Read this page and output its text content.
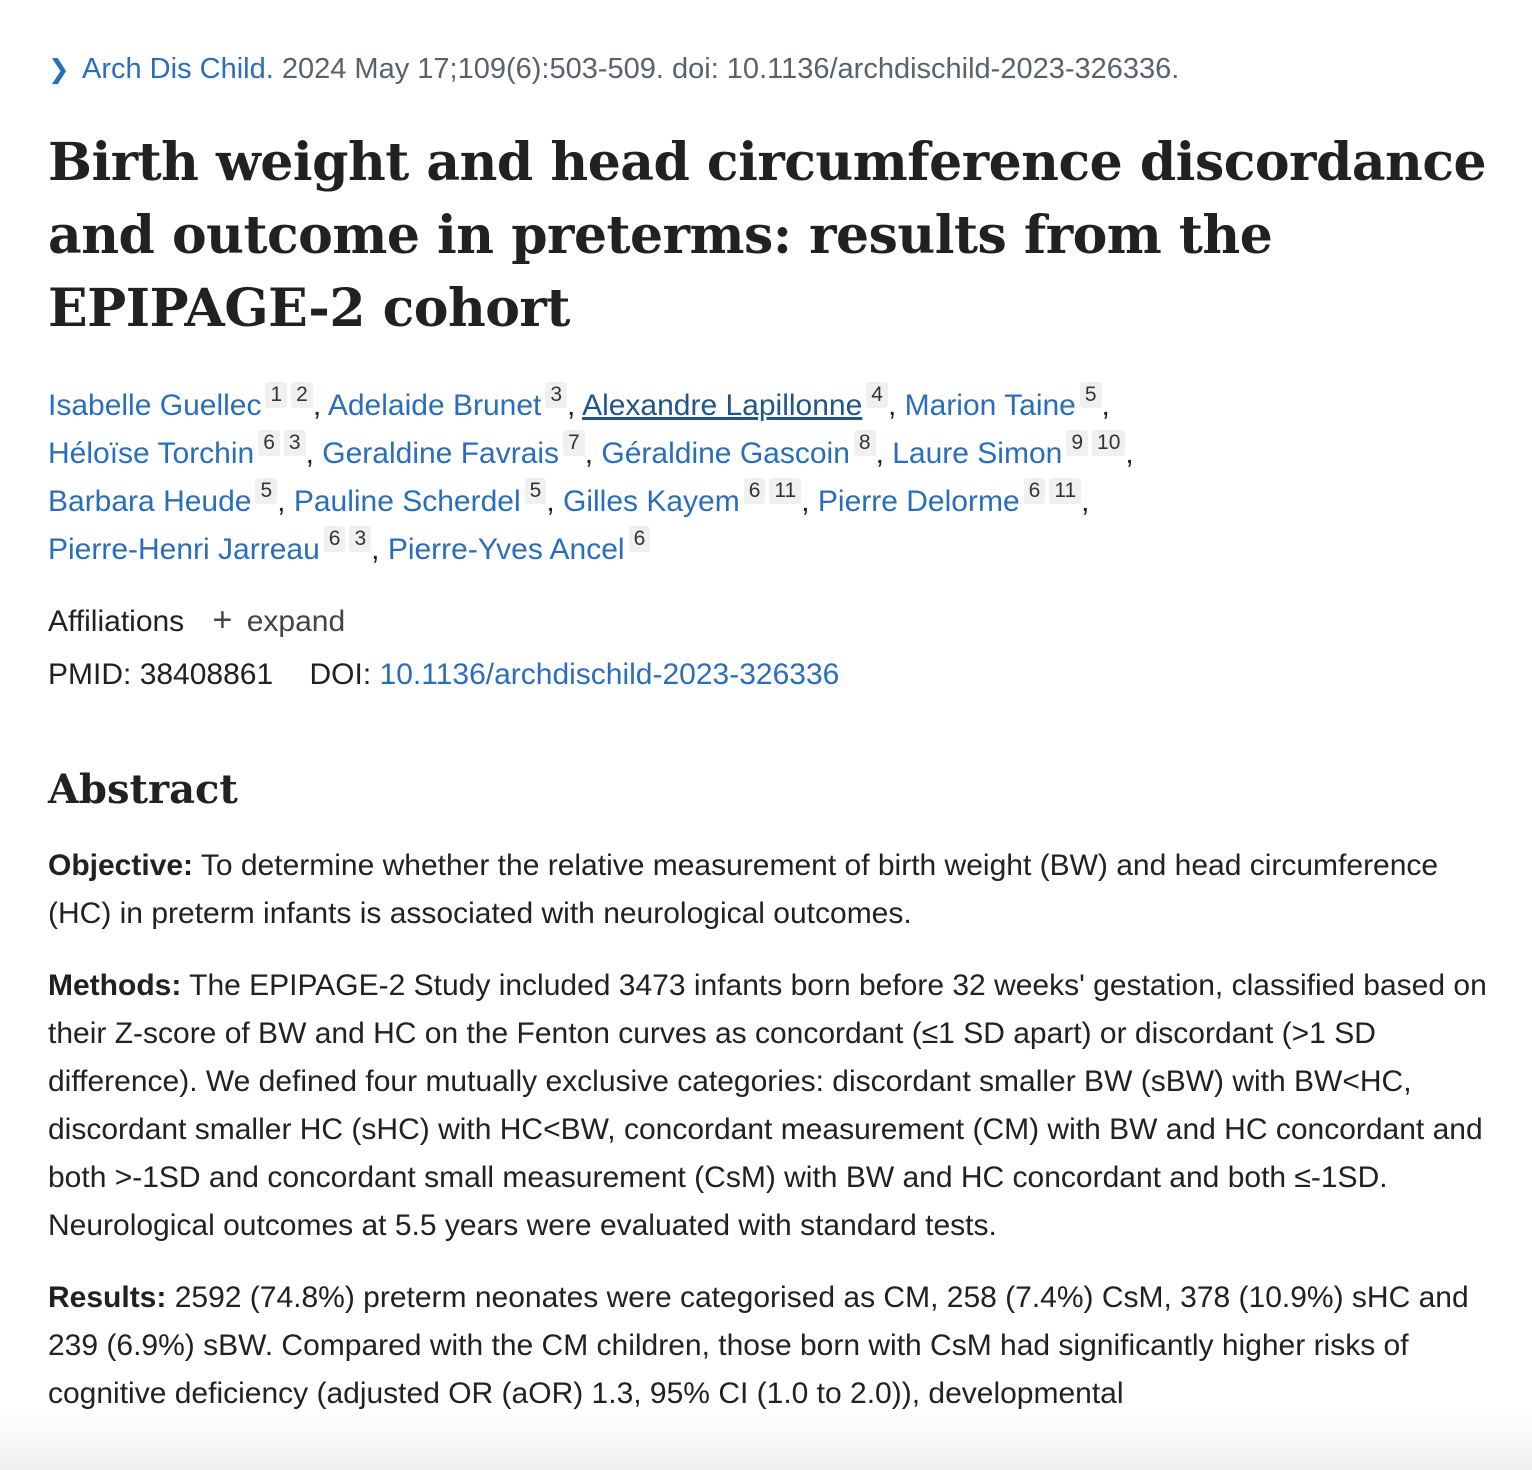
❯ Arch Dis Child. 2024 May 17;109(6):503-509. doi: 10.1136/archdischild-2023-326336.
Birth weight and head circumference discordance and outcome in preterms: results from the EPIPAGE-2 cohort
Isabelle Guellec 1 2 , Adelaide Brunet 3 , Alexandre Lapillonne 4 , Marion Taine 5 ,
Héloïse Torchin 6 3 , Geraldine Favrais 7 , Géraldine Gascoin 8 , Laure Simon 9 10 ,
Barbara Heude 5 , Pauline Scherdel 5 , Gilles Kayem 6 11 , Pierre Delorme 6 11 ,
Pierre-Henri Jarreau 6 3 , Pierre-Yves Ancel 6
Affiliations + expand
PMID: 38408861 DOI: 10.1136/archdischild-2023-326336
Abstract

Objective: To determine whether the relative measurement of birth weight (BW) and head circumference (HC) in preterm infants is associated with neurological outcomes.

Methods: The EPIPAGE-2 Study included 3473 infants born before 32 weeks' gestation, classified based on their Z-score of BW and HC on the Fenton curves as concordant (≤1 SD apart) or discordant (>1 SD difference). We defined four mutually exclusive categories: discordant smaller BW (sBW) with BW<HC, discordant smaller HC (sHC) with HC<BW, concordant measurement (CM) with BW and HC concordant and both >-1SD and concordant small measurement (CsM) with BW and HC concordant and both ≤-1SD. Neurological outcomes at 5.5 years were evaluated with standard tests.

Results: 2592 (74.8%) preterm neonates were categorised as CM, 258 (7.4%) CsM, 378 (10.9%) sHC and 239 (6.9%) sBW. Compared with the CM children, those born with CsM had significantly higher risks of cognitive deficiency (adjusted OR (aOR) 1.3, 95% CI (1.0 to 2.0)), developmental
